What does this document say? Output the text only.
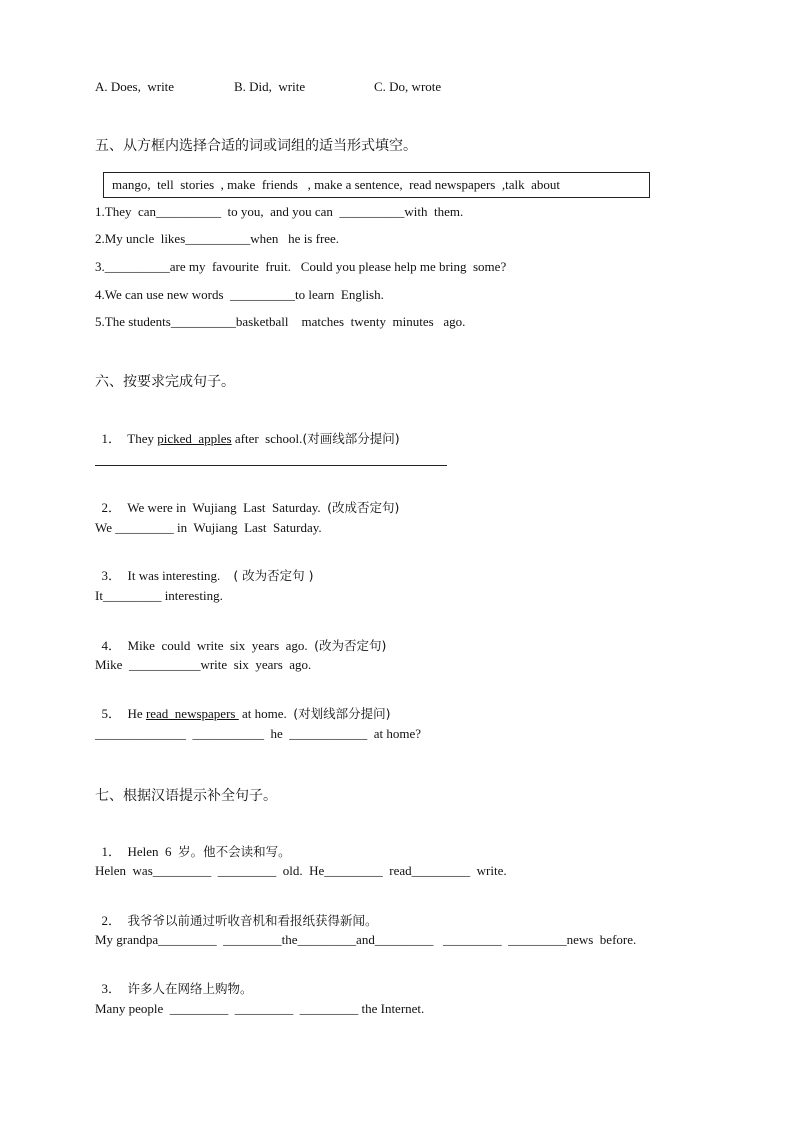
A. Does,  write	B. Did,  write	C. Do, wrote
五、从方框内选择合适的词或词组的适当形式填空。
mango,  tell  stories  , make  friends   , make a sentence,  read newspapers  ,talk  about
1.They  can__________  to you,  and you can  __________with  them.
2.My uncle  likes__________when   he is free.
3.__________are my  favourite  fruit.   Could you please help me bring  some?
4.We can use new words  __________to learn  English.
5.The students__________basketball    matches  twenty  minutes   ago.
六、按要求完成句子。

1． They picked  apples after  school.(对画线部分提问)

2． We were in  Wujiang  Last  Saturday.  (改成否定句)

We _________ in  Wujiang  Last  Saturday.

3． It was interesting.    ( 改为否定句 )

It_________ interesting.

4． Mike  could  write  six  years  ago.  (改为否定句)

Mike  ___________write  six  years  ago.

5． He read  newspapers  at home.  (对划线部分提问)

______________  ___________  he  ____________  at home?
七、根据汉语提示补全句子。

1． Helen  6  岁。他不会读和写。

Helen  was_________  _________  old.  He_________  read_________  write.

2． 我爷爷以前通过听收音机和看报纸获得新闻。

My grandpa_________  _________the_________and_________   _________  _________news  before.

3． 许多人在网络上购物。

Many people  _________  _________  _________ the Internet.
